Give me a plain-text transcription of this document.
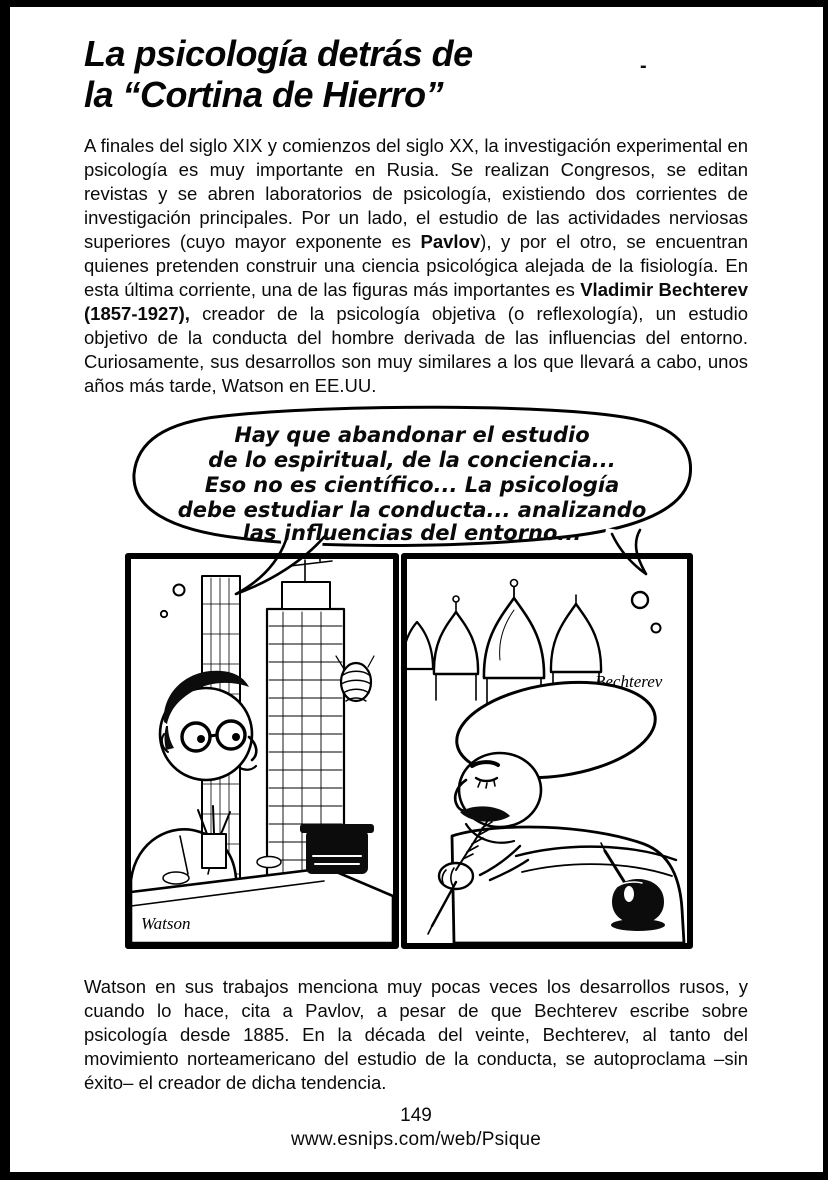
-
La psicología detrás de
la “Cortina de Hierro”

A finales del siglo XIX y comienzos del siglo XX, la investigación experimental en psicología es muy importante en Rusia. Se realizan Congresos, se editan revistas y se abren laboratorios de psicología, existiendo dos corrientes de investigación principales. Por un lado, el estudio de las actividades nerviosas superiores (cuyo mayor exponente es Pavlov), y por el otro, se encuentran quienes pretenden construir una ciencia psicológica alejada de la fisiología. En esta última corriente, una de las figuras más importantes es Vladimir Bechterev (1857-1927), creador de la psicología objetiva (o reflexología), un estudio objetivo de la conducta del hombre derivada de las influencias del entorno. Curiosamente, sus desarrollos son muy similares a los que llevará a cabo, unos años más tarde, Watson en EE.UU.

Watson
Bechterev
Hay que abandonar el estudio
de lo espiritual, de la conciencia...
Eso no es científico... La psicología
debe estudiar la conducta... analizando
las influencias del entorno...

Watson en sus trabajos menciona muy pocas veces los desarrollos rusos, y cuando lo hace, cita a Pavlov, a pesar de que Bechterev escribe sobre psicología desde 1885. En la década del veinte, Bechterev, al tanto del movimiento norteamericano del estudio de la conducta, se autoproclama –sin éxito– el creador de dicha tendencia.

149
www.esnips.com/web/Psique
